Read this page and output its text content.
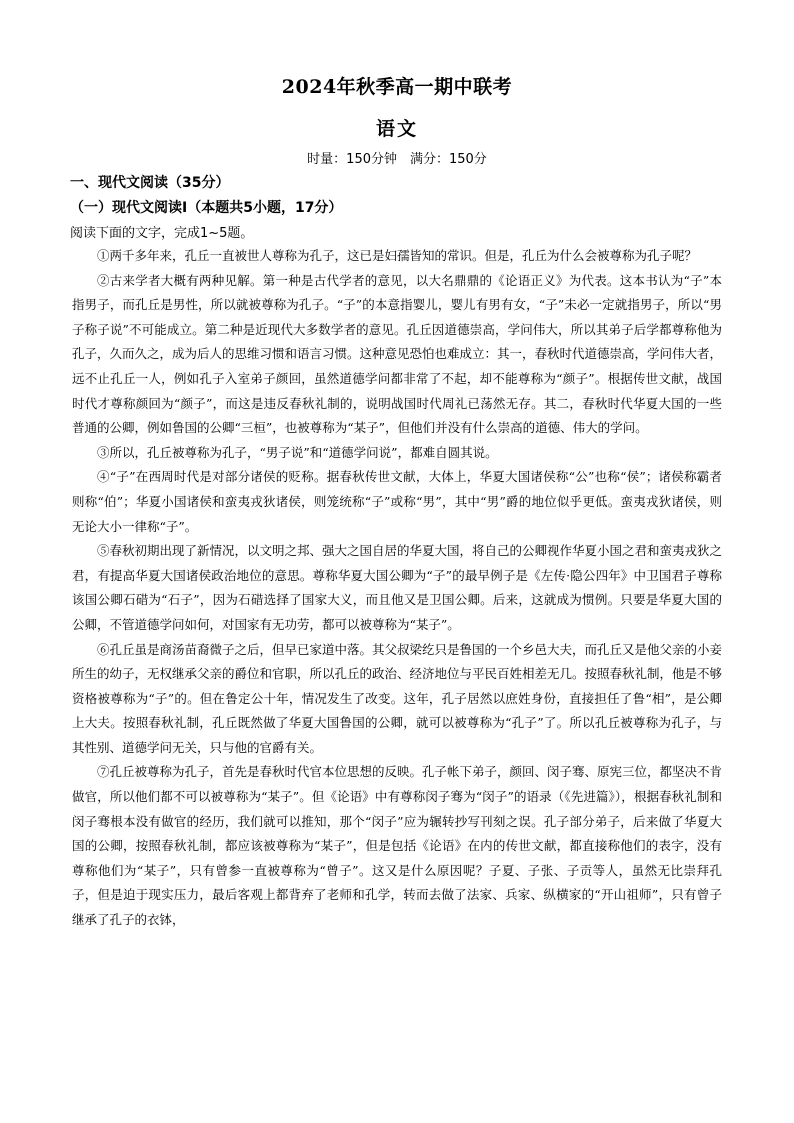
2024年秋季高一期中联考
语文
时量：150分钟　满分：150分
一、现代文阅读（35分）
（一）现代文阅读Ⅰ（本题共5小题，17分）
阅读下面的文字，完成1~5题。

①两千多年来，孔丘一直被世人尊称为孔子，这已是妇孺皆知的常识。但是，孔丘为什么会被尊称为孔子呢？

②古来学者大概有两种见解。第一种是古代学者的意见，以大名鼎鼎的《论语正义》为代表。这本书认为“子”本指男子，而孔丘是男性，所以就被尊称为孔子。“子”的本意指婴儿，婴儿有男有女，“子”未必一定就指男子，所以“男子称子说”不可能成立。第二种是近现代大多数学者的意见。孔丘因道德崇高，学问伟大，所以其弟子后学都尊称他为孔子，久而久之，成为后人的思维习惯和语言习惯。这种意见恐怕也难成立：其一，春秋时代道德崇高，学问伟大者，远不止孔丘一人，例如孔子入室弟子颜回，虽然道德学问都非常了不起，却不能尊称为“颜子”。根据传世文献，战国时代才尊称颜回为“颜子”，而这是违反春秋礼制的，说明战国时代周礼已荡然无存。其二，春秋时代华夏大国的一些普通的公卿，例如鲁国的公卿“三桓”，也被尊称为“某子”，但他们并没有什么崇高的道德、伟大的学问。

③所以，孔丘被尊称为孔子，“男子说”和“道德学问说”，都难自圆其说。

④“子”在西周时代是对部分诸侯的贬称。据春秋传世文献，大体上，华夏大国诸侯称“公”也称“侯”；诸侯称霸者则称“伯”；华夏小国诸侯和蛮夷戎狄诸侯，则笼统称“子”或称“男”，其中“男”爵的地位似乎更低。蛮夷戎狄诸侯，则无论大小一律称“子”。

⑤春秋初期出现了新情况，以文明之邦、强大之国自居的华夏大国，将自己的公卿视作华夏小国之君和蛮夷戎狄之君，有提高华夏大国诸侯政治地位的意思。尊称华夏大国公卿为“子”的最早例子是《左传·隐公四年》中卫国君子尊称该国公卿石碏为“石子”，因为石碏选择了国家大义，而且他又是卫国公卿。后来，这就成为惯例。只要是华夏大国的公卿，不管道德学问如何，对国家有无功劳，都可以被尊称为“某子”。

⑥孔丘虽是商汤苗裔微子之后，但早已家道中落。其父叔梁纥只是鲁国的一个乡邑大夫，而孔丘又是他父亲的小妾所生的幼子，无权继承父亲的爵位和官职，所以孔丘的政治、经济地位与平民百姓相差无几。按照春秋礼制，他是不够资格被尊称为“子”的。但在鲁定公十年，情况发生了改变。这年，孔子居然以庶姓身份，直接担任了鲁“相”，是公卿上大夫。按照春秋礼制，孔丘既然做了华夏大国鲁国的公卿，就可以被尊称为“孔子”了。所以孔丘被尊称为孔子，与其性别、道德学问无关，只与他的官爵有关。

⑦孔丘被尊称为孔子，首先是春秋时代官本位思想的反映。孔子帐下弟子，颜回、闵子骞、原宪三位，都坚决不肯做官，所以他们都不可以被尊称为“某子”。但《论语》中有尊称闵子骞为“闵子”的语录（《先进篇》），根据春秋礼制和闵子骞根本没有做官的经历，我们就可以推知，那个“闵子”应为辗转抄写刊刻之误。孔子部分弟子，后来做了华夏大国的公卿，按照春秋礼制，都应该被尊称为“某子”，但是包括《论语》在内的传世文献，都直接称他们的表字，没有尊称他们为“某子”，只有曾参一直被尊称为“曾子”。这又是什么原因呢？子夏、子张、子贡等人，虽然无比崇拜孔子，但是迫于现实压力，最后客观上都背弃了老师和孔学，转而去做了法家、兵家、纵横家的“开山祖师”，只有曾子继承了孔子的衣钵，
